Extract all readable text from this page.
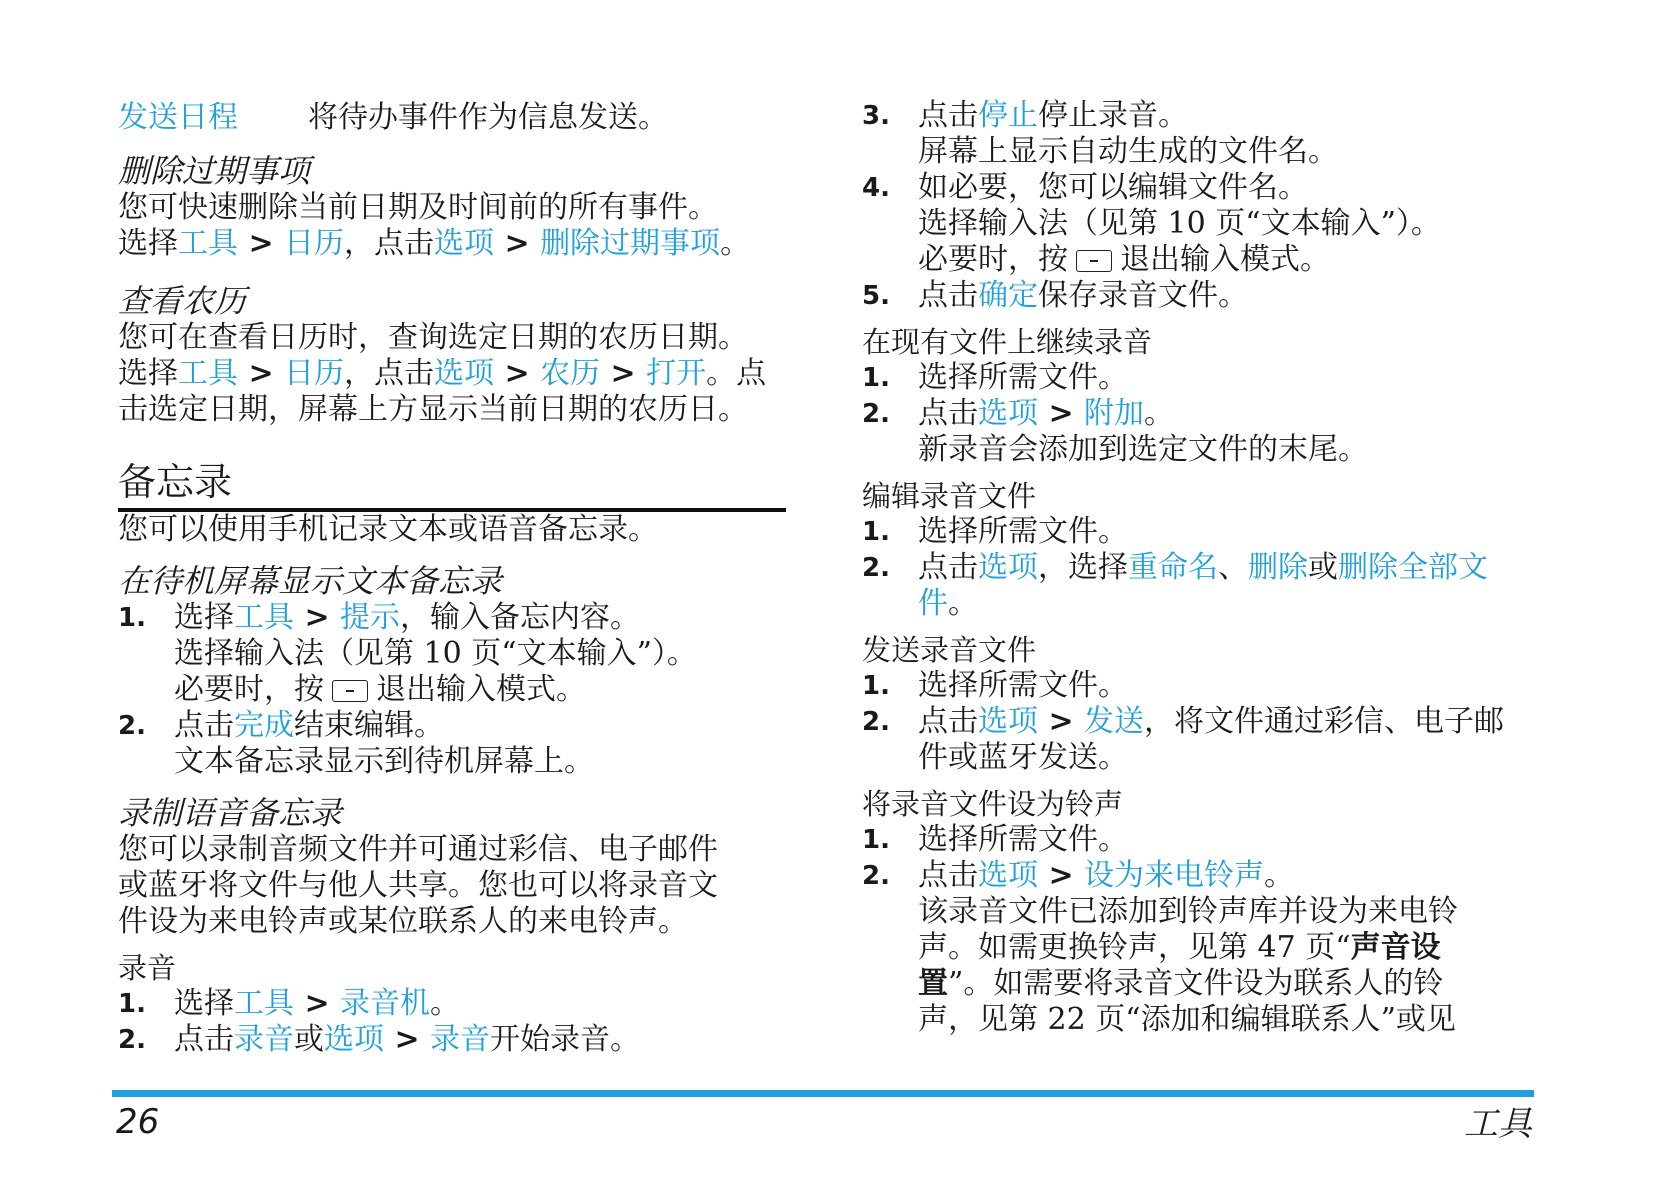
发送日程	将待办事件作为信息发送。

删除过期事项

您可快速删除当前日期及时间前的所有事件。

选择工具 > 日历，点击选项 > 删除过期事项。

查看农历

您可在查看日历时，查询选定日期的农历日期。

选择工具 > 日历，点击选项 > 农历 > 打开。点

击选定日期，屏幕上方显示当前日期的农历日。

备忘录

您可以使用手机记录文本或语音备忘录。

在待机屏幕显示文本备忘录

1. 选择工具 > 提示，输入备忘内容。
选择输入法（见第 10 页“文本输入”）。
必要时，按 退出输入模式。
2. 点击完成结束编辑。
文本备忘录显示到待机屏幕上。

录制语音备忘录

您可以录制音频文件并可通过彩信、电子邮件

或蓝牙将文件与他人共享。您也可以将录音文

件设为来电铃声或某位联系人的来电铃声。

录音

1. 选择工具 > 录音机。
2. 点击录音或选项 > 录音开始录音。
3. 点击停止停止录音。
屏幕上显示自动生成的文件名。
4. 如必要，您可以编辑文件名。
选择输入法（见第 10 页“文本输入”）。
必要时，按 退出输入模式。
5. 点击确定保存录音文件。

在现有文件上继续录音

1. 选择所需文件。
2. 点击选项 > 附加。
新录音会添加到选定文件的末尾。

编辑录音文件

1. 选择所需文件。
2. 点击选项，选择重命名、删除或删除全部文
件。

发送录音文件

1. 选择所需文件。
2. 点击选项 > 发送，将文件通过彩信、电子邮
件或蓝牙发送。

将录音文件设为铃声

1. 选择所需文件。
2. 点击选项 > 设为来电铃声。
该录音文件已添加到铃声库并设为来电铃
声。如需更换铃声，见第 47 页“声音设
置”。如需要将录音文件设为联系人的铃
声，见第 22 页“添加和编辑联系人”或见
26	工具
